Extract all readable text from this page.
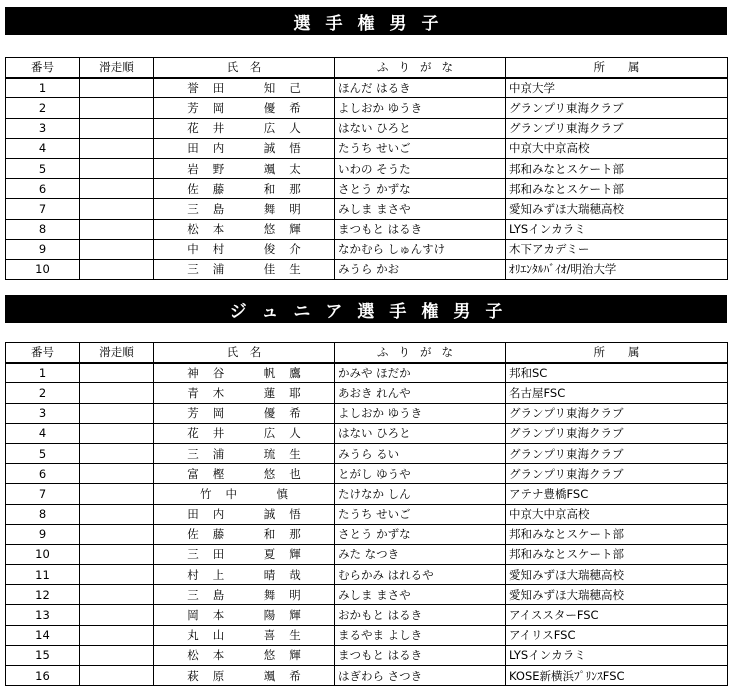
選手権男子
番号	滑走順	氏　名	ふりがな	所　　属
1		誉田　知己	ほんだ はるき	中京大学
2		芳岡　優希	よしおか ゆうき	グランプリ東海クラブ
3		花井　広人	はない ひろと	グランプリ東海クラブ
4		田内　誠悟	たうち せいご	中京大中京高校
5		岩野　颯太	いわの そうた	邦和みなとスケート部
6		佐藤　和那	さとう かずな	邦和みなとスケート部
7		三島　舞明	みしま まさや	愛知みずほ大瑞穂高校
8		松本　悠輝	まつもと はるき	LYSインカラミ
9		中村　俊介	なかむら しゅんすけ	木下アカデミー
10		三浦　佳生	みうら かお	ｵﾘｴﾝﾀﾙﾊﾞｲｵ/明治大学
ジュニア選手権男子
番号	滑走順	氏　名	ふりがな	所　　属
1		神谷　帆鷹	かみや ほだか	邦和SC
2		青木　蓮耶	あおき れんや	名古屋FSC
3		芳岡　優希	よしおか ゆうき	グランプリ東海クラブ
4		花井　広人	はない ひろと	グランプリ東海クラブ
5		三浦　琉生	みうら るい	グランプリ東海クラブ
6		富樫　悠也	とがし ゆうや	グランプリ東海クラブ
7		竹中　慎	たけなか しん	アテナ豊橋FSC
8		田内　誠悟	たうち せいご	中京大中京高校
9		佐藤　和那	さとう かずな	邦和みなとスケート部
10		三田　夏輝	みた なつき	邦和みなとスケート部
11		村上　晴哉	むらかみ はれるや	愛知みずほ大瑞穂高校
12		三島　舞明	みしま まさや	愛知みずほ大瑞穂高校
13		岡本　陽輝	おかもと はるき	アイススターFSC
14		丸山　喜生	まるやま よしき	アイリスFSC
15		松本　悠輝	まつもと はるき	LYSインカラミ
16		萩原　颯希	はぎわら さつき	KOSE新横浜ﾌﾟﾘﾝｽFSC
